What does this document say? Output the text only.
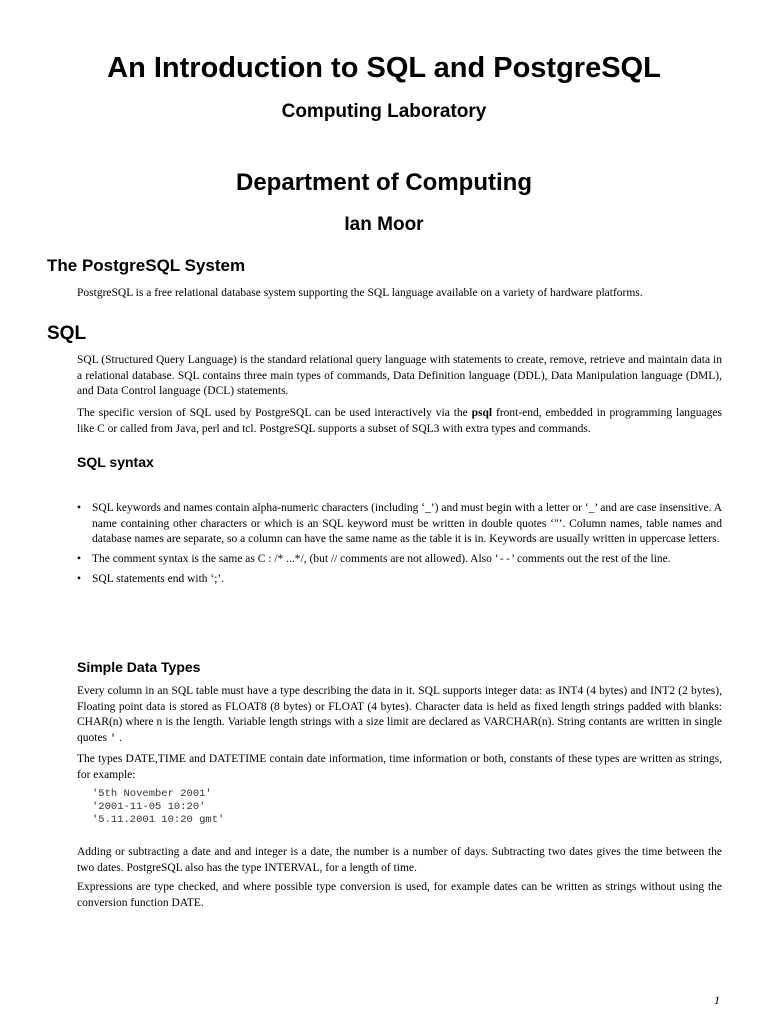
An Introduction to SQL and PostgreSQL
Computing Laboratory
Department of Computing
Ian Moor
The PostgreSQL System

PostgreSQL is a free relational database system supporting the SQL language available on a variety of hardware platforms.

SQL

SQL (Structured Query Language) is the standard relational query language with statements to create, remove, retrieve and maintain data in a relational database. SQL contains three main types of commands, Data Definition language (DDL), Data Manipulation language (DML), and Data Control language (DCL) statements.

The specific version of SQL used by PostgreSQL can be used interactively via the psql front-end, embedded in programming languages like C or called from Java, perl and tcl. PostgreSQL supports a subset of SQL3 with extra types and commands.

SQL syntax
• SQL keywords and names contain alpha-numeric characters (including ‘_’) and must begin with a letter or ‘_’ and are case insensitive. A name containing other characters or which is an SQL keyword must be written in double quotes ‘"’. Column names, table names and database names are separate, so a column can have the same name as the table it is in. Keywords are usually written in uppercase letters.
• The comment syntax is the same as C : /* ...*/, (but // comments are not allowed). Also ‘--’ comments out the rest of the line.
• SQL statements end with ‘;’.
Simple Data Types

Every column in an SQL table must have a type describing the data in it. SQL supports integer data: as INT4 (4 bytes) and INT2 (2 bytes), Floating point data is stored as FLOAT8 (8 bytes) or FLOAT (4 bytes). Character data is held as fixed length strings padded with blanks: CHAR(n) where n is the length. Variable length strings with a size limit are declared as VARCHAR(n). String contants are written in single quotes ' .

The types DATE,TIME and DATETIME contain date information, time information or both, constants of these types are written as strings, for example:

'5th November 2001'
'2001-11-05 10:20'
'5.11.2001 10:20 gmt'

Adding or subtracting a date and and integer is a date, the number is a number of days. Subtracting two dates gives the time between the two dates. PostgreSQL also has the type INTERVAL, for a length of time.

Expressions are type checked, and where possible type conversion is used, for example dates can be written as strings without using the conversion function DATE.

1
